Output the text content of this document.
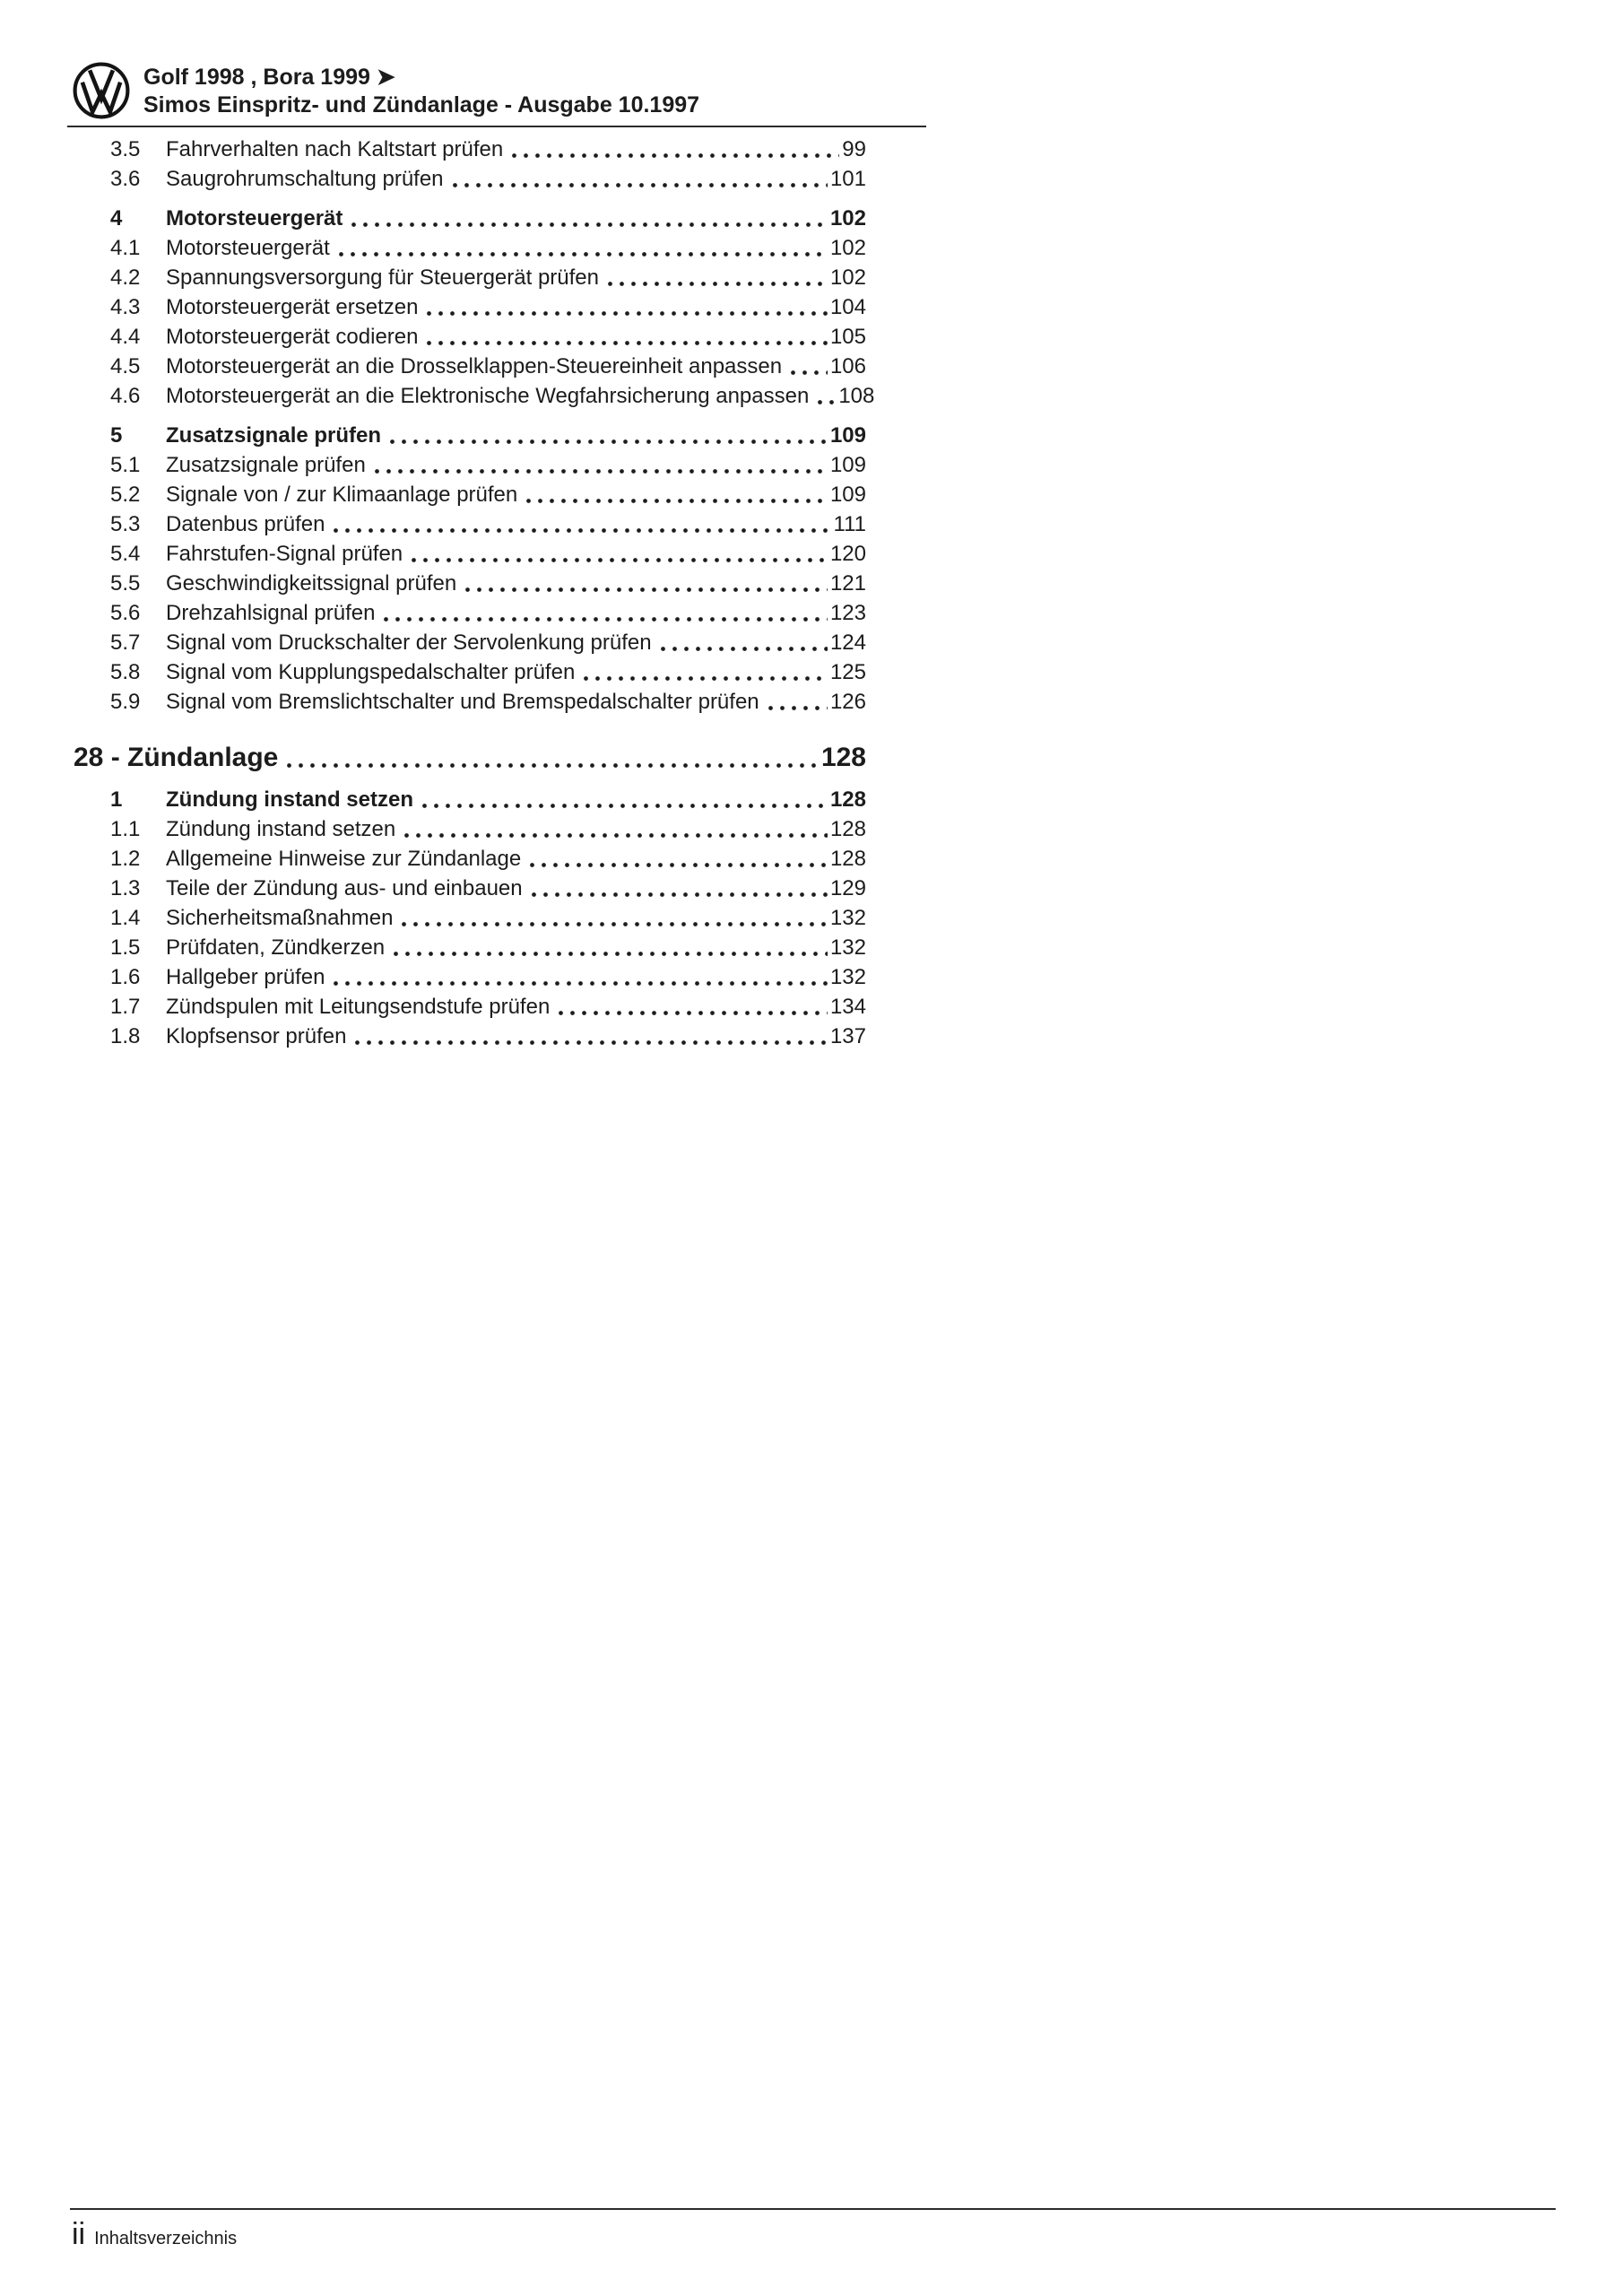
Golf 1998 , Bora 1999 ➤
Simos Einspritz- und Zündanlage - Ausgabe 10.1997
3.5	Fahrverhalten nach Kaltstart prüfen	99
3.6	Saugrohrumschaltung prüfen	101
4	Motorsteuergerät	102
4.1	Motorsteuergerät	102
4.2	Spannungsversorgung für Steuergerät prüfen	102
4.3	Motorsteuergerät ersetzen	104
4.4	Motorsteuergerät codieren	105
4.5	Motorsteuergerät an die Drosselklappen-Steuereinheit anpassen 106
4.6	Motorsteuergerät an die Elektronische Wegfahrsicherung anpassen 108
5	Zusatzsignale prüfen	109
5.1	Zusatzsignale prüfen	109
5.2	Signale von / zur Klimaanlage prüfen	109
5.3	Datenbus prüfen	111
5.4	Fahrstufen-Signal prüfen	120
5.5	Geschwindigkeitssignal prüfen	121
5.6	Drehzahlsignal prüfen	123
5.7	Signal vom Druckschalter der Servolenkung prüfen	124
5.8	Signal vom Kupplungspedalschalter prüfen	125
5.9	Signal vom Bremslichtschalter und Bremspedalschalter prüfen	126
28 - Zündanlage	128
1	Zündung instand setzen	128
1.1	Zündung instand setzen	128
1.2	Allgemeine Hinweise zur Zündanlage	128
1.3	Teile der Zündung aus- und einbauen	129
1.4	Sicherheitsmaßnahmen	132
1.5	Prüfdaten, Zündkerzen	132
1.6	Hallgeber prüfen	132
1.7	Zündspulen mit Leitungsendstufe prüfen	134
1.8	Klopfsensor prüfen	137
ii Inhaltsverzeichnis
